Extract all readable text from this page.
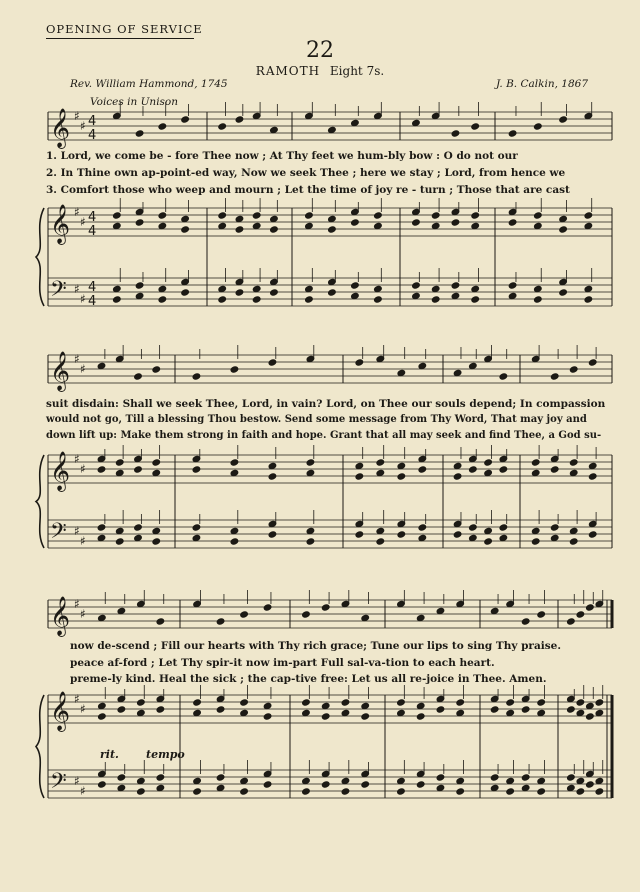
OPENING OF SERVICE
22
RAMOTH Eight 7s.
Rev. William Hammond, 1745	J. B. Calkin, 1867
Voices in Unison
𝄞
𝄞
𝄢
♯
♯
♯
♯
♯
♯
4
4
4
4
4
4
𝄞
𝄞
𝄢
♯
♯
♯
♯
♯
♯
𝄞
𝄞
𝄢
♯
♯
♯
♯
♯
♯
1. Lord, we come be - fore Thee now ; At Thy feet we hum-bly bow : O do not our
2. In Thine own ap-point-ed way, Now we seek Thee ; here we stay ; Lord, from hence we
3. Comfort those who weep and mourn ; Let the time of joy re - turn ; Those that are cast
suit disdain: Shall we seek Thee, Lord, in vain? Lord, on Thee our souls depend; In compassion
would not go, Till a blessing Thou bestow. Send some message from Thy Word, That may joy and
down lift up: Make them strong in faith and hope. Grant that all may seek and find Thee, a God su-
now de-scend ; Fill our hearts with Thy rich grace; Tune our lips to sing Thy praise.
peace af-ford ; Let Thy spir-it now im-part Full sal-va-tion to each heart.
preme-ly kind. Heal the sick ; the cap-tive free: Let us all re-joice in Thee. Amen.
rit. tempo
